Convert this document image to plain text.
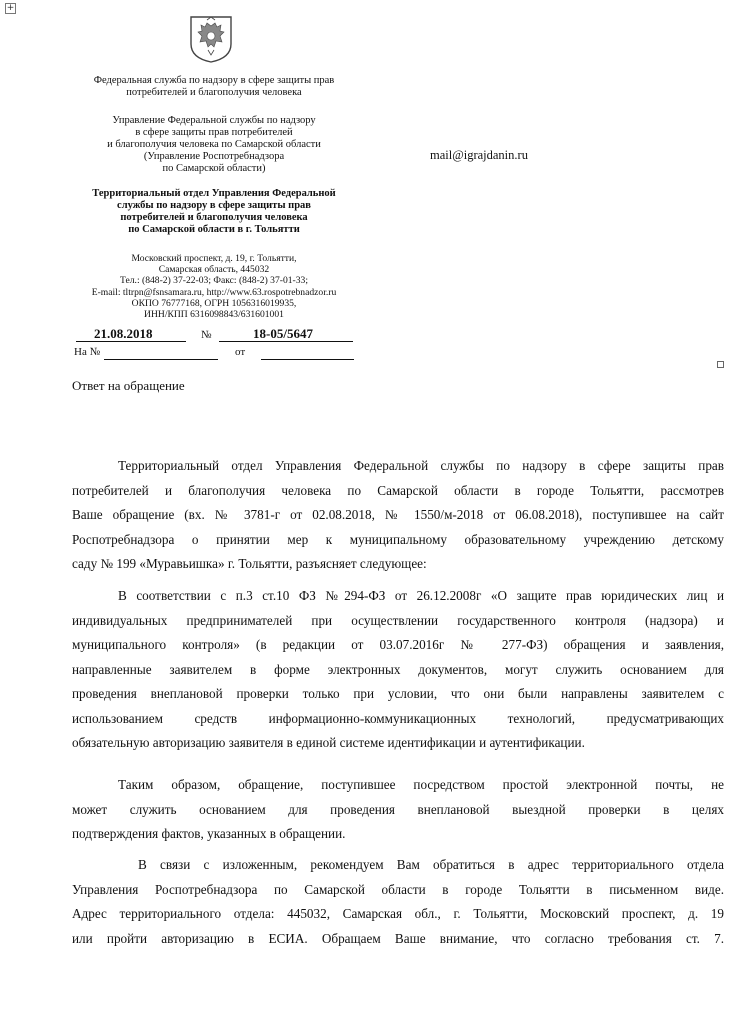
+
Федеральная служба по надзору в сфере защиты прав
потребителей и благополучия человека
Управление Федеральной службы по надзору
в сфере защиты прав потребителей
и благополучия человека по Самарской области
(Управление Роспотребнадзора
по Самарской области)
Территориальный отдел Управления Федеральной
службы по надзору в сфере защиты прав
потребителей и благополучия человека
по Самарской области в г. Тольятти
Московский проспект, д. 19, г. Тольятти,
Самарская область, 445032
Тел.: (848-2) 37-22-03; Факс: (848-2) 37-01-33;
E-mail: tltrpn@fsnsamara.ru, http://www.63.rospotrebnadzor.ru
ОКПО 76777168, ОГРН 1056316019935,
ИНН/КПП 6316098843/631601001
mail@igrajdanin.ru
21.08.2018	№	18-05/5647
На №	от
Ответ на обращение
Территориальный отдел Управления Федеральной службы по надзору в сфере защиты прав
потребителей и благополучия человека по Самарской области в городе Тольятти, рассмотрев
Ваше обращение (вх. № 3781-г от 02.08.2018, № 1550/м-2018 от 06.08.2018), поступившее на сайт
Роспотребнадзора о принятии мер к муниципальному образовательному учреждению детскому
саду № 199 «Муравьишка» г. Тольятти, разъясняет следующее:
В соответствии с п.3 ст.10 ФЗ №294-ФЗ от 26.12.2008г «О защите прав юридических лиц и
индивидуальных предпринимателей при осуществлении государственного контроля (надзора) и
муниципального контроля» (в редакции от 03.07.2016г № 277-ФЗ) обращения и заявления,
направленные заявителем в форме электронных документов, могут служить основанием для
проведения внеплановой проверки только при условии, что они были направлены заявителем с
использованием средств информационно-коммуникационных технологий, предусматривающих
обязательную авторизацию заявителя в единой системе идентификации и аутентификации.
Таким образом, обращение, поступившее посредством простой электронной почты, не
может служить основанием для проведения внеплановой выездной проверки в целях
подтверждения фактов, указанных в обращении.
В связи с изложенным, рекомендуем Вам обратиться в адрес территориального отдела
Управления Роспотребнадзора по Самарской области в городе Тольятти в письменном виде.
Адрес территориального отдела: 445032, Самарская обл., г. Тольятти, Московский проспект, д. 19
или пройти авторизацию в ЕСИА. Обращаем Ваше внимание, что согласно требования ст. 7.
